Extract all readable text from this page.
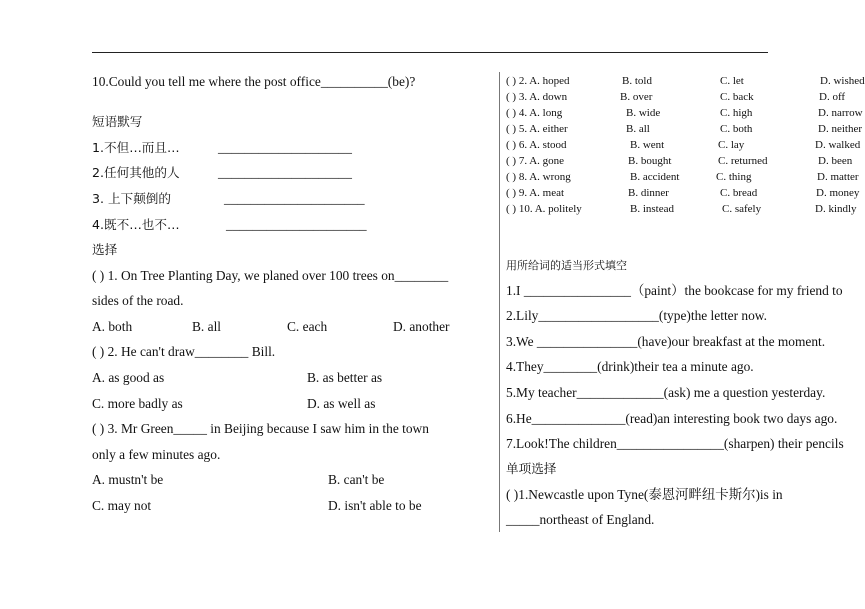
10.Could you tell me where the post office__________(be)?
短语默写
1.不但…而且…	____________________
2.任何其他的人	____________________
3. 上下颠倒的	_____________________
4.既不…也不…	_____________________
选择
( ) 1. On Tree Planting Day, we planed over 100 trees on________
sides of the road.
A. both	B. all	C. each	D. another
( ) 2. He can't draw________ Bill.
A. as good as	B. as better as
C. more badly as	D. as well as
( ) 3. Mr Green_____ in Beijing because I saw him in the town
only a few minutes ago.
A. mustn't be	B. can't be
C. may not	D. isn't able to be
( ) 2. A. hoped	B. told	C. let	D. wished
( ) 3. A. down	B. over	C. back	D. off
( ) 4. A. long	B. wide	C. high	D. narrow
( ) 5. A. either	B. all	C. both	D. neither
( ) 6. A. stood	B. went	C. lay	D. walked
( ) 7. A. gone	B. bought	C. returned	D. been
( ) 8. A. wrong	B. accident	C. thing	D. matter
( ) 9. A. meat	B. dinner	C. bread	D. money
( ) 10. A. politely	B. instead	C. safely	D. kindly
用所给词的适当形式填空
1.I ________________（paint）the bookcase for my friend to
2.Lily__________________(type)the letter now.
3.We _______________(have)our breakfast at the moment.
4.They________(drink)their tea a minute ago.
5.My teacher_____________(ask) me a question yesterday.
6.He______________(read)an interesting book two days ago.
7.Look!The children________________(sharpen) their pencils
单项选择
( )1.Newcastle upon Tyne(泰恩河畔纽卡斯尔)is in
_____northeast of England.
